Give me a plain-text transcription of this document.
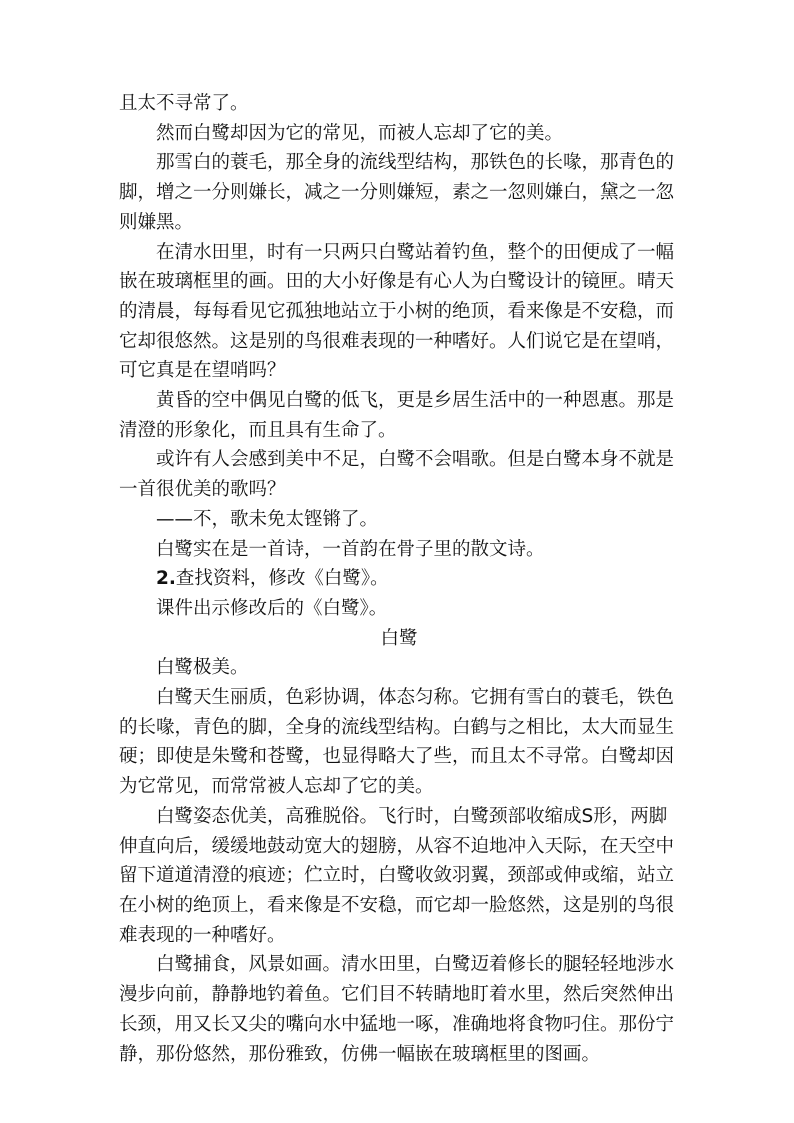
且太不寻常了。

然而白鹭却因为它的常见，而被人忘却了它的美。

那雪白的蓑毛，那全身的流线型结构，那铁色的长喙，那青色的脚，增之一分则嫌长，减之一分则嫌短，素之一忽则嫌白，黛之一忽则嫌黑。

在清水田里，时有一只两只白鹭站着钓鱼，整个的田便成了一幅嵌在玻璃框里的画。田的大小好像是有心人为白鹭设计的镜匣。晴天的清晨，每每看见它孤独地站立于小树的绝顶，看来像是不安稳，而它却很悠然。这是别的鸟很难表现的一种嗜好。人们说它是在望哨，可它真是在望哨吗？

黄昏的空中偶见白鹭的低飞，更是乡居生活中的一种恩惠。那是清澄的形象化，而且具有生命了。

或许有人会感到美中不足，白鹭不会唱歌。但是白鹭本身不就是一首很优美的歌吗？

——不，歌未免太铿锵了。

白鹭实在是一首诗，一首韵在骨子里的散文诗。

2.查找资料，修改《白鹭》。

课件出示修改后的《白鹭》。

白鹭

白鹭极美。

白鹭天生丽质，色彩协调，体态匀称。它拥有雪白的蓑毛，铁色的长喙，青色的脚，全身的流线型结构。白鹤与之相比，太大而显生硬；即使是朱鹭和苍鹭，也显得略大了些，而且太不寻常。白鹭却因为它常见，而常常被人忘却了它的美。

白鹭姿态优美，高雅脱俗。飞行时，白鹭颈部收缩成S形，两脚伸直向后，缓缓地鼓动宽大的翅膀，从容不迫地冲入天际，在天空中留下道道清澄的痕迹；伫立时，白鹭收敛羽翼，颈部或伸或缩，站立在小树的绝顶上，看来像是不安稳，而它却一脸悠然，这是别的鸟很难表现的一种嗜好。

白鹭捕食，风景如画。清水田里，白鹭迈着修长的腿轻轻地涉水漫步向前，静静地钓着鱼。它们目不转睛地盯着水里，然后突然伸出长颈，用又长又尖的嘴向水中猛地一啄，准确地将食物叼住。那份宁静，那份悠然，那份雅致，仿佛一幅嵌在玻璃框里的图画。
